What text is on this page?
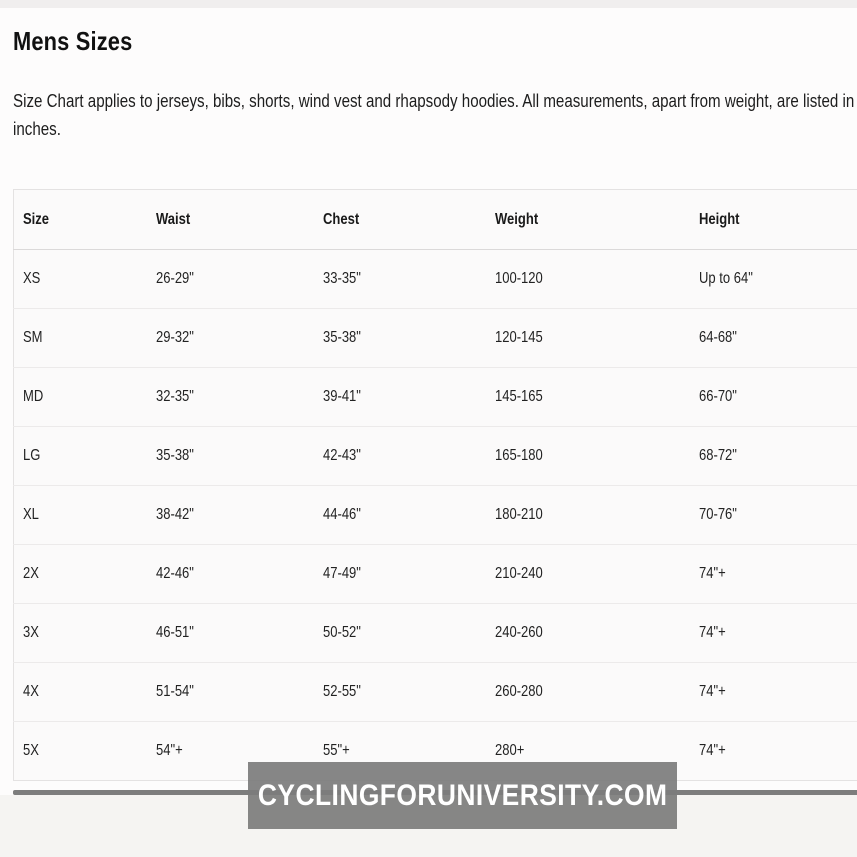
Mens Sizes
Size Chart applies to jerseys, bibs, shorts, wind vest and rhapsody hoodies. All measurements, apart from weight, are listed in
inches.
Size	Waist	Chest	Weight	Height
XS	26-29"	33-35"	100-120	Up to 64"
SM	29-32"	35-38"	120-145	64-68"
MD	32-35"	39-41"	145-165	66-70"
LG	35-38"	42-43"	165-180	68-72"
XL	38-42"	44-46"	180-210	70-76"
2X	42-46"	47-49"	210-240	74"+
3X	46-51"	50-52"	240-260	74"+
4X	51-54"	52-55"	260-280	74"+
5X	54"+	55"+	280+	74"+
CYCLINGFORUNIVERSITY.COM
